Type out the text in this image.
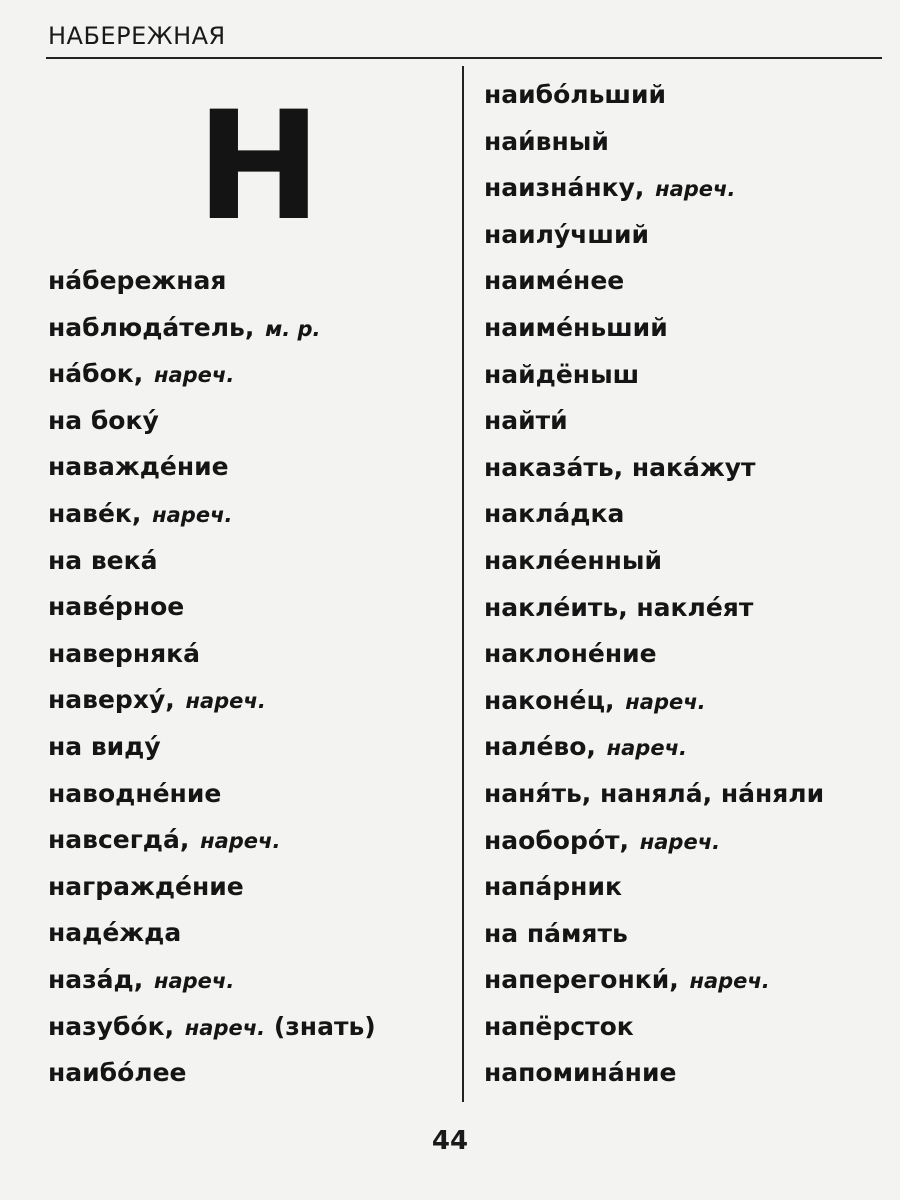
НАБЕРЕЖНАЯ
Н
на́бережная
наблюда́тель, м. р.
на́бок, нареч.
на боку́
наважде́ние
наве́к, нареч.
на века́
наве́рное
наверняка́
наверху́, нареч.
на виду́
наводне́ние
навсегда́, нареч.
награжде́ние
наде́жда
наза́д, нареч.
назубо́к, нареч. (знать)
наибо́лее
наибо́льший
наи́вный
наизна́нку, нареч.
наилу́чший
наиме́нее
наиме́ньший
найдёныш
найти́
наказа́ть, нака́жут
накла́дка
накле́енный
накле́ить, накле́ят
наклоне́ние
наконе́ц, нареч.
нале́во, нареч.
наня́ть, наняла́, на́няли
наоборо́т, нареч.
напа́рник
на па́мять
наперегонки́, нареч.
напёрсток
напомина́ние
44
